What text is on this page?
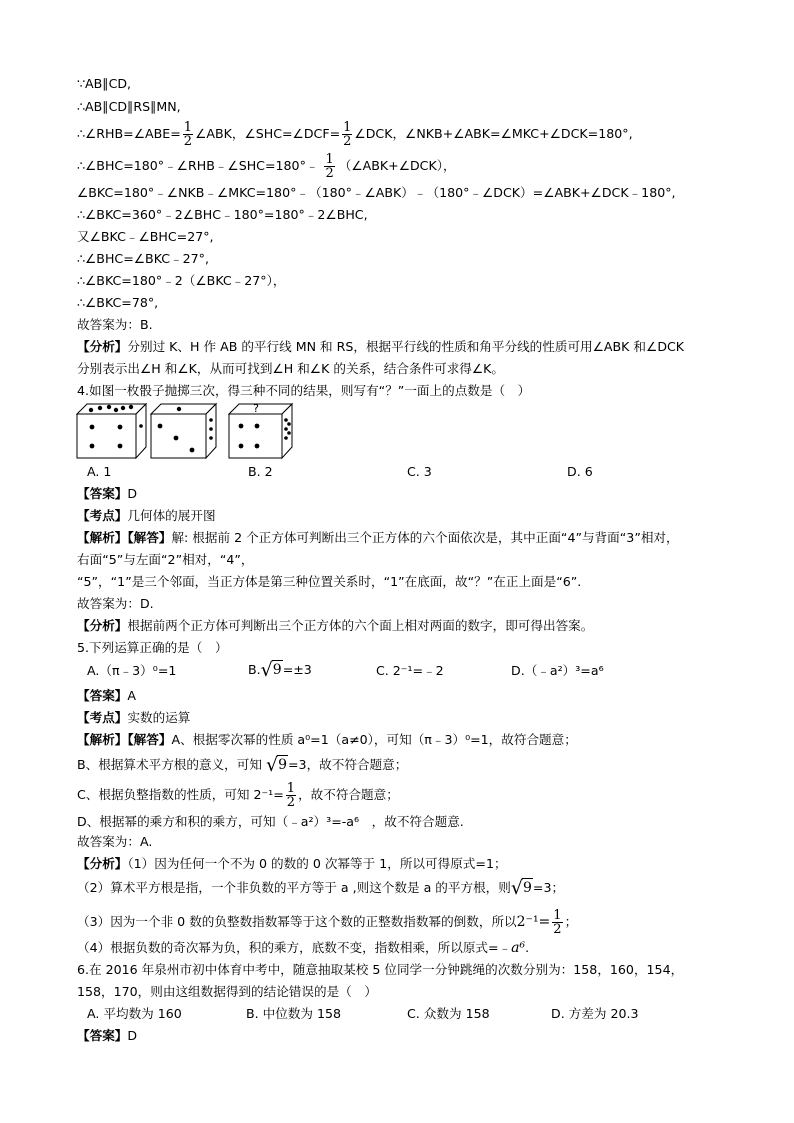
∵AB∥CD,
∴AB∥CD∥RS∥MN,
∴∠RHB=∠ABE= $\frac{1}{2}$ ∠ABK，∠SHC=∠DCF= $\frac{1}{2}$ ∠DCK，∠NKB+∠ABK=∠MKC+∠DCK=180°,
∴∠BHC=180°﹣∠RHB﹣∠SHC=180°﹣ $\frac{1}{2}$ （∠ABK+∠DCK），
∠BKC=180°﹣∠NKB﹣∠MKC=180°﹣（180°﹣∠ABK）﹣（180°﹣∠DCK）=∠ABK+∠DCK﹣180°,
∴∠BKC=360°﹣2∠BHC﹣180°=180°﹣2∠BHC,
又∠BKC﹣∠BHC=27°,
∴∠BHC=∠BKC﹣27°,
∴∠BKC=180°﹣2（∠BKC﹣27°），
∴∠BKC=78°,
故答案为：B.
【分析】分别过 K、H 作 AB 的平行线 MN 和 RS，根据平行线的性质和角平分线的性质可用∠ABK 和∠DCK
分别表示出∠H 和∠K，从而可找到∠H 和∠K 的关系，结合条件可求得∠K。
4.如图一枚骰子抛掷三次，得三种不同的结果，则写有“？”一面上的点数是（　）
?
A. 1	B. 2	C. 3	D. 6
【答案】D
【考点】几何体的展开图
【解析】【解答】解: 根据前 2 个正方体可判断出三个正方体的六个面依次是，其中正面“4”与背面“3”相对，
右面“5”与左面“2”相对，“4”，
“5”，“1”是三个邻面，当正方体是第三种位置关系时，“1”在底面，故“？”在正上面是“6”.
故答案为：D.
【分析】根据前两个正方体可判断出三个正方体的六个面上相对两面的数字，即可得出答案。
5.下列运算正确的是（　）
A.（π﹣3）⁰=1	B.√9=±3	C. 2⁻¹=﹣2	D.（﹣a²）³=a⁶
【答案】A
【考点】实数的运算
【解析】【解答】A、根据零次幂的性质 a⁰=1（a≠0），可知（π﹣3）⁰=1，故符合题意；
B、根据算术平方根的意义，可知 √9=3，故不符合题意；
C、根据负整指数的性质，可知 $2^{-1}= \frac{1}{2}$ ，故不符合题意；
D、根据幂的乘方和积的乘方，可知（﹣a²）³=-a⁶　，故不符合题意.
故答案为：A.
【分析】（1）因为任何一个不为 0 的数的 0 次幂等于 1，所以可得原式=1；
（2）算术平方根是指，一个非负数的平方等于 a ,则这个数是 a 的平方根，则√9=3；
（3）因为一个非 0 数的负整数指数幂等于这个数的正整数指数幂的倒数，所以$2^{-1}= \frac{1}{2}$ ；
（4）根据负数的奇次幂为负，积的乘方，底数不变，指数相乘，所以原式=﹣a⁶.
6.在 2016 年泉州市初中体育中考中，随意抽取某校 5 位同学一分钟跳绳的次数分别为：158，160，154，
158，170，则由这组数据得到的结论错误的是（　）
A. 平均数为 160	B. 中位数为 158	C. 众数为 158	D. 方差为 20.3
【答案】D
